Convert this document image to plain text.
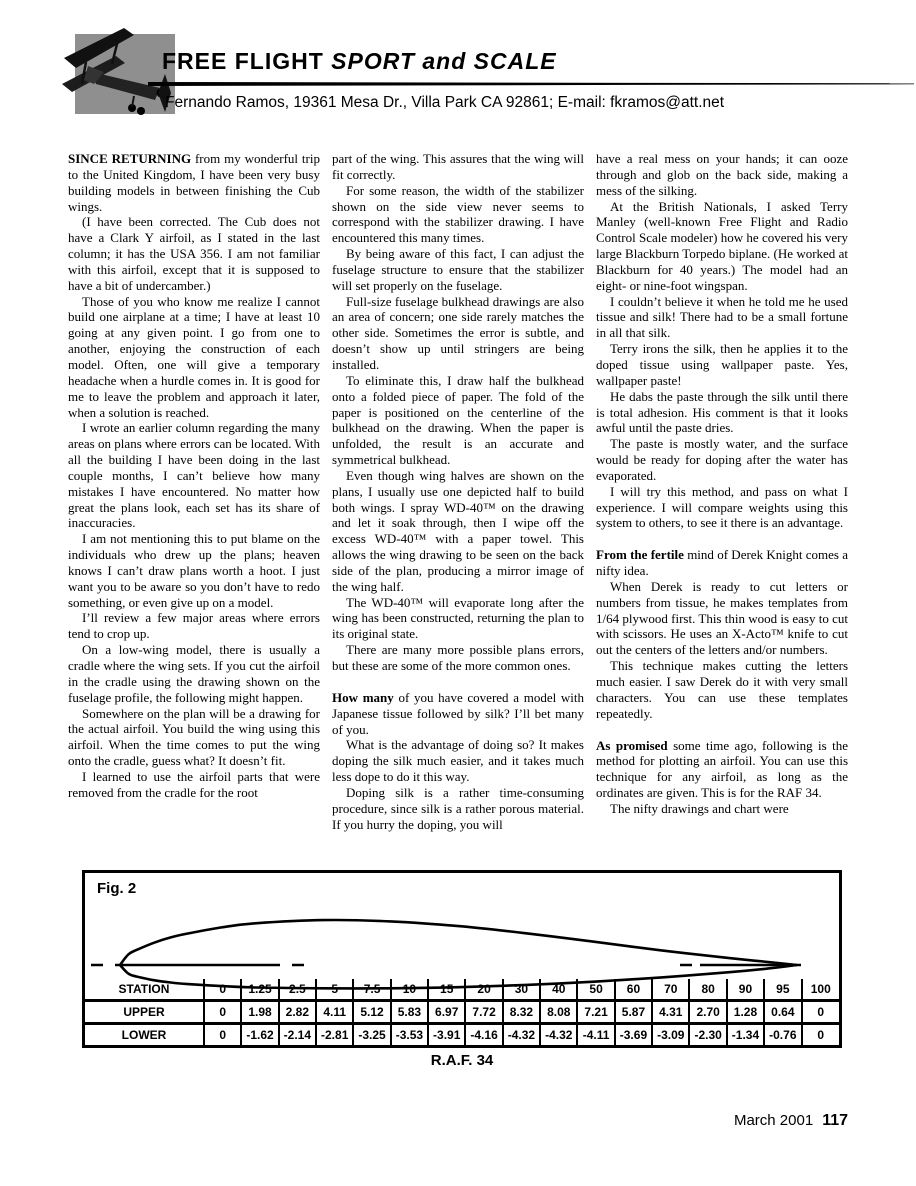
FREE FLIGHT SPORT and SCALE
Fernando Ramos, 19361 Mesa Dr., Villa Park CA 92861; E-mail: fkramos@att.net

SINCE RETURNING from my wonderful trip to the United Kingdom, I have been very busy building models in between finishing the Cub wings.

(I have been corrected. The Cub does not have a Clark Y airfoil, as I stated in the last column; it has the USA 356. I am not familiar with this airfoil, except that it is supposed to have a bit of undercamber.)

Those of you who know me realize I cannot build one airplane at a time; I have at least 10 going at any given point. I go from one to another, enjoying the construction of each model. Often, one will give a temporary headache when a hurdle comes in. It is good for me to leave the problem and approach it later, when a solution is reached.

I wrote an earlier column regarding the many areas on plans where errors can be located. With all the building I have been doing in the last couple months, I can’t believe how many mistakes I have encountered. No matter how great the plans look, each set has its share of inaccuracies.

I am not mentioning this to put blame on the individuals who drew up the plans; heaven knows I can’t draw plans worth a hoot. I just want you to be aware so you don’t have to redo something, or even give up on a model.

I’ll review a few major areas where errors tend to crop up.

On a low-wing model, there is usually a cradle where the wing sets. If you cut the airfoil in the cradle using the drawing shown on the fuselage profile, the following might happen.

Somewhere on the plan will be a drawing for the actual airfoil. You build the wing using this airfoil. When the time comes to put the wing onto the cradle, guess what? It doesn’t fit.

I learned to use the airfoil parts that were removed from the cradle for the root

part of the wing. This assures that the wing will fit correctly.

For some reason, the width of the stabilizer shown on the side view never seems to correspond with the stabilizer drawing. I have encountered this many times.

By being aware of this fact, I can adjust the fuselage structure to ensure that the stabilizer will set properly on the fuselage.

Full-size fuselage bulkhead drawings are also an area of concern; one side rarely matches the other side. Sometimes the error is subtle, and doesn’t show up until stringers are being installed.

To eliminate this, I draw half the bulkhead onto a folded piece of paper. The fold of the paper is positioned on the centerline of the bulkhead on the drawing. When the paper is unfolded, the result is an accurate and symmetrical bulkhead.

Even though wing halves are shown on the plans, I usually use one depicted half to build both wings. I spray WD-40™ on the drawing and let it soak through, then I wipe off the excess WD-40™ with a paper towel. This allows the wing drawing to be seen on the back side of the plan, producing a mirror image of the wing half.

The WD-40™ will evaporate long after the wing has been constructed, returning the plan to its original state.

There are many more possible plans errors, but these are some of the more common ones.

How many of you have covered a model with Japanese tissue followed by silk? I’ll bet many of you.

What is the advantage of doing so? It makes doping the silk much easier, and it takes much less dope to do it this way.

Doping silk is a rather time-consuming procedure, since silk is a rather porous material. If you hurry the doping, you will

have a real mess on your hands; it can ooze through and glob on the back side, making a mess of the silking.

At the British Nationals, I asked Terry Manley (well-known Free Flight and Radio Control Scale modeler) how he covered his very large Blackburn Torpedo biplane. (He worked at Blackburn for 40 years.) The model had an eight- or nine-foot wingspan.

I couldn’t believe it when he told me he used tissue and silk! There had to be a small fortune in all that silk.

Terry irons the silk, then he applies it to the doped tissue using wallpaper paste. Yes, wallpaper paste!

He dabs the paste through the silk until there is total adhesion. His comment is that it looks awful until the paste dries.

The paste is mostly water, and the surface would be ready for doping after the water has evaporated.

I will try this method, and pass on what I experience. I will compare weights using this system to others, to see it there is an advantage.

From the fertile mind of Derek Knight comes a nifty idea.

When Derek is ready to cut letters or numbers from tissue, he makes templates from 1/64 plywood first. This thin wood is easy to cut with scissors. He uses an X-Acto™ knife to cut out the centers of the letters and/or numbers.

This technique makes cutting the letters much easier. I saw Derek do it with very small characters. You can use these templates repeatedly.

As promised some time ago, following is the method for plotting an airfoil. You can use this technique for any airfoil, as long as the ordinates are given. This is for the RAF 34.

The nifty drawings and chart were

Fig. 2
STATION	0	1.25	2.5	5	7.5	10	15	20	30	40	50	60	70	80	90	95	100
UPPER	0	1.98	2.82	4.11	5.12	5.83	6.97	7.72	8.32	8.08	7.21	5.87	4.31	2.70	1.28	0.64	0
LOWER	0	-1.62	-2.14	-2.81	-3.25	-3.53	-3.91	-4.16	-4.32	-4.32	-4.11	-3.69	-3.09	-2.30	-1.34	-0.76	0
R.A.F. 34
March 2001 117
